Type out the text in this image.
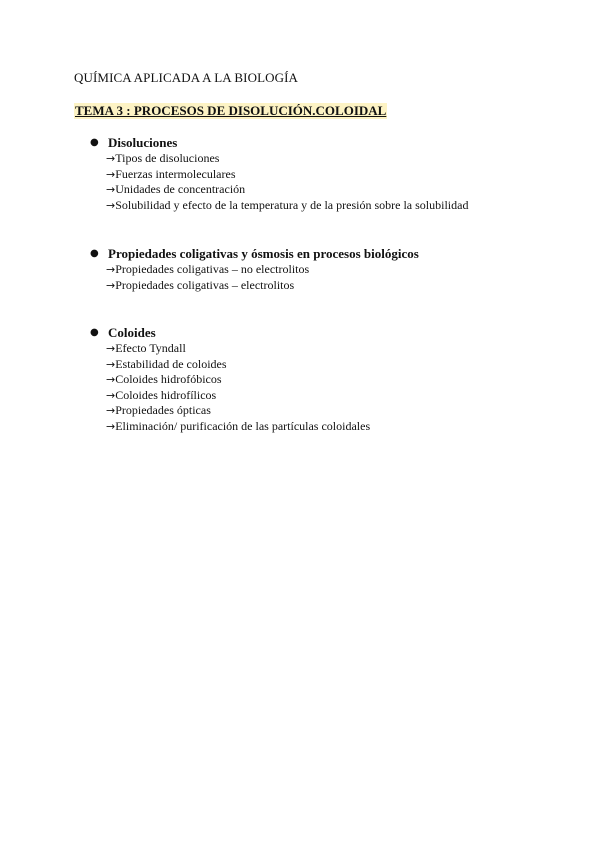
QUÍMICA APLICADA A LA BIOLOGÍA
TEMA 3 : PROCESOS DE DISOLUCIÓN.COLOIDAL
● Disoluciones
→Tipos de disoluciones
→Fuerzas intermoleculares
→Unidades de concentración
→Solubilidad y efecto de la temperatura y de la presión sobre la solubilidad
● Propiedades coligativas y ósmosis en procesos biológicos
→Propiedades coligativas – no electrolitos
→Propiedades coligativas – electrolitos
● Coloides
→Efecto Tyndall
→Estabilidad de coloides
→Coloides hidrofóbicos
→Coloides hidrofílicos
→Propiedades ópticas
→Eliminación/ purificación de las partículas coloidales
